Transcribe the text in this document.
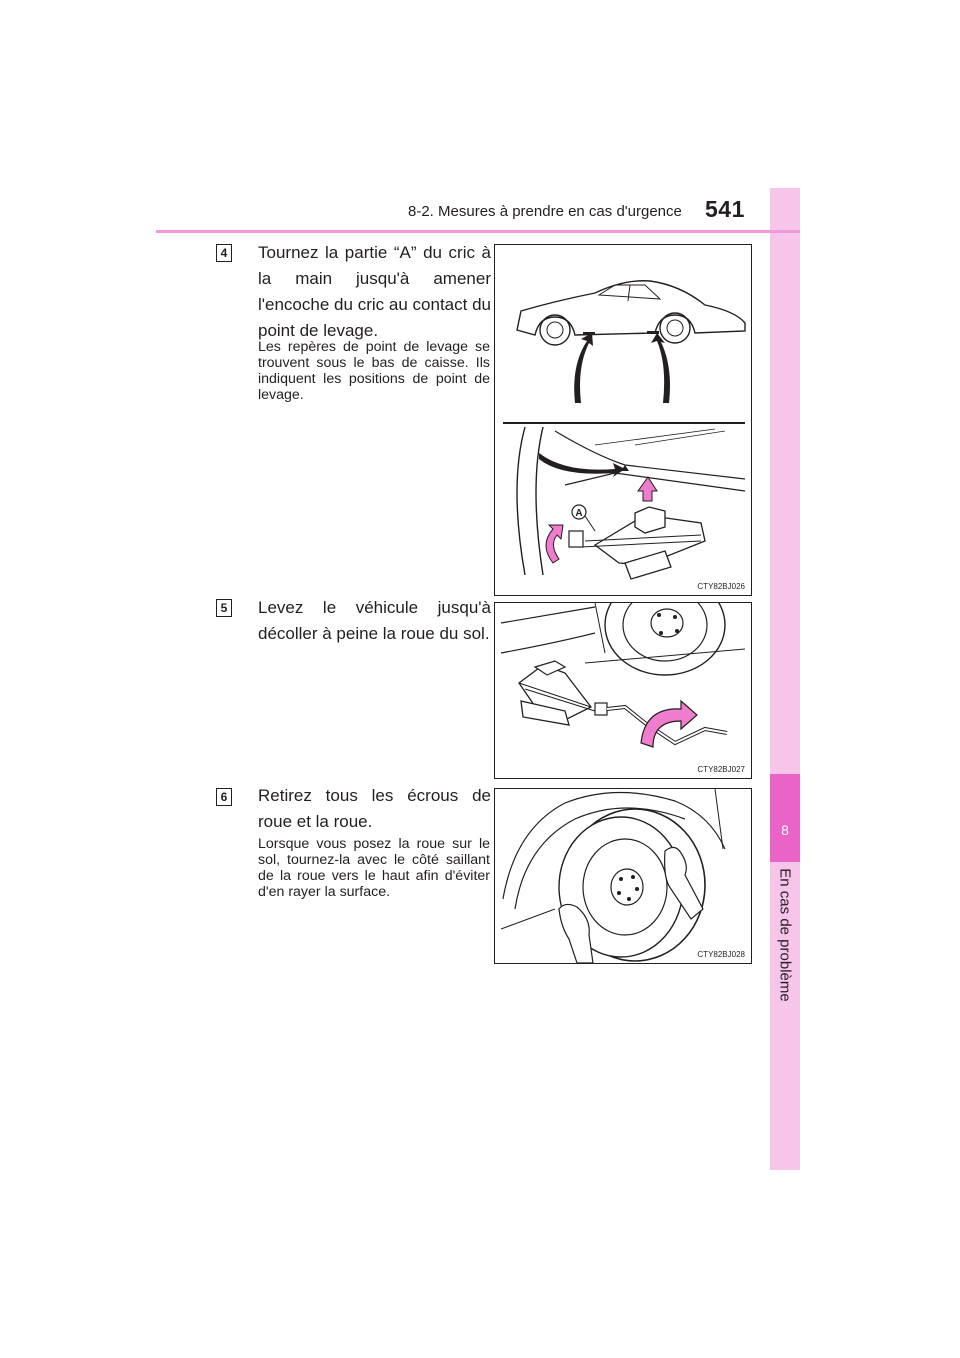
8
En cas de problème
8-2. Mesures à prendre en cas d'urgence 541
4 Tournez la partie “A” du cric à la main jusqu'à amener l'encoche du cric au contact du point de levage.
Les repères de point de levage se trouvent sous le bas de caisse. Ils indiquent les positions de point de levage.
A
CTY82BJ026
5 Levez le véhicule jusqu'à décoller à peine la roue du sol.
CTY82BJ027
6 Retirez tous les écrous de roue et la roue.
Lorsque vous posez la roue sur le sol, tournez-la avec le côté saillant de la roue vers le haut afin d'éviter d'en rayer la surface.
CTY82BJ028
